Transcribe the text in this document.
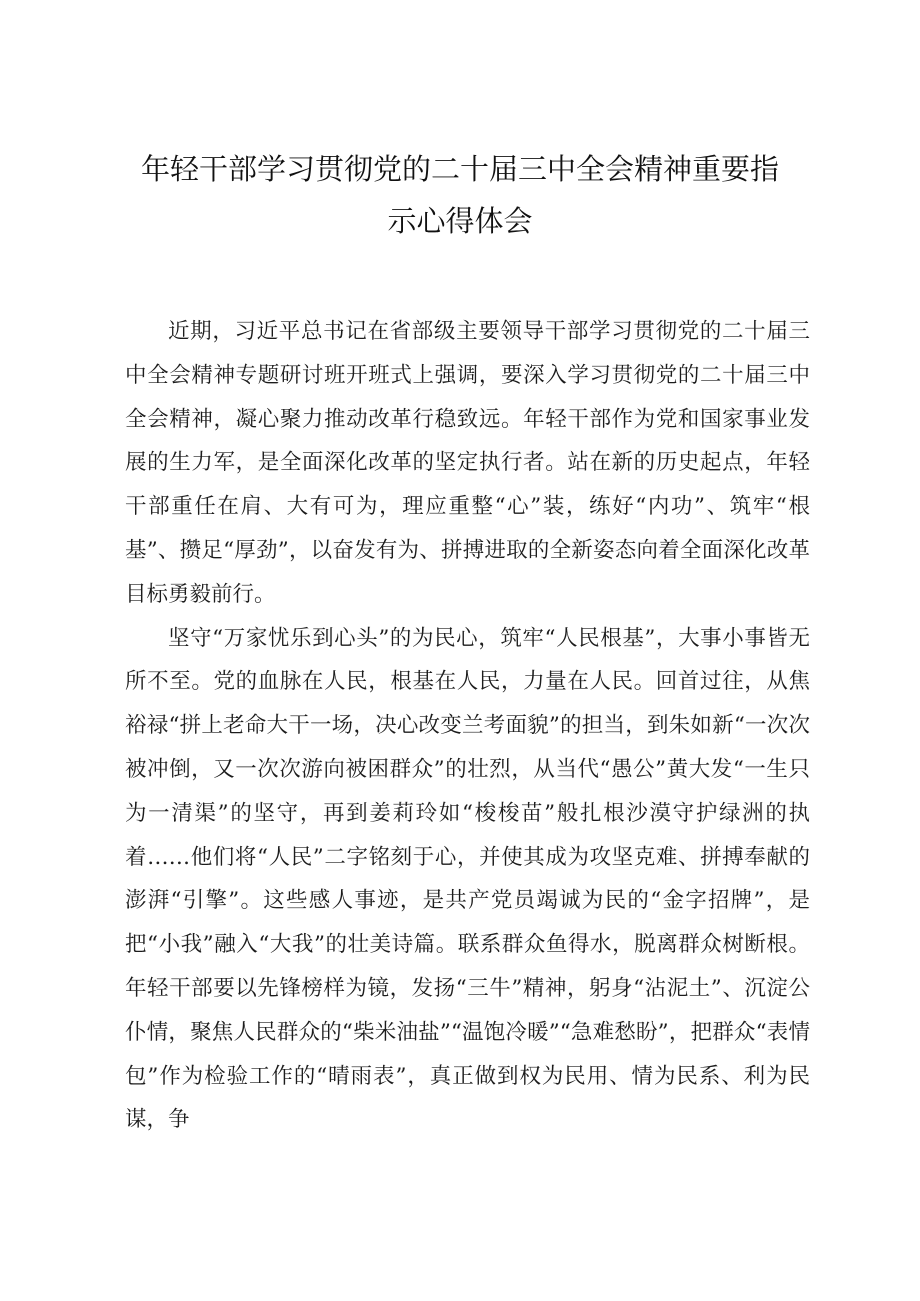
年轻干部学习贯彻党的二十届三中全会精神重要指示心得体会

近期，习近平总书记在省部级主要领导干部学习贯彻党的二十届三中全会精神专题研讨班开班式上强调，要深入学习贯彻党的二十届三中全会精神，凝心聚力推动改革行稳致远。年轻干部作为党和国家事业发展的生力军，是全面深化改革的坚定执行者。站在新的历史起点，年轻干部重任在肩、大有可为，理应重整“心”装，练好“内功”、筑牢“根基”、攒足“厚劲”，以奋发有为、拼搏进取的全新姿态向着全面深化改革目标勇毅前行。

坚守“万家忧乐到心头”的为民心，筑牢“人民根基”，大事小事皆无所不至。党的血脉在人民，根基在人民，力量在人民。回首过往，从焦裕禄“拼上老命大干一场，决心改变兰考面貌”的担当，到朱如新“一次次被冲倒，又一次次游向被困群众”的壮烈，从当代“愚公”黄大发“一生只为一清渠”的坚守，再到姜莉玲如“梭梭苗”般扎根沙漠守护绿洲的执着……他们将“人民”二字铭刻于心，并使其成为攻坚克难、拼搏奉献的澎湃“引擎”。这些感人事迹，是共产党员竭诚为民的“金字招牌”，是把“小我”融入“大我”的壮美诗篇。联系群众鱼得水，脱离群众树断根。年轻干部要以先锋榜样为镜，发扬“三牛”精神，躬身“沾泥土”、沉淀公仆情，聚焦人民群众的“柴米油盐”“温饱冷暖”“急难愁盼”，把群众“表情包”作为检验工作的“晴雨表”，真正做到权为民用、情为民系、利为民谋，争
